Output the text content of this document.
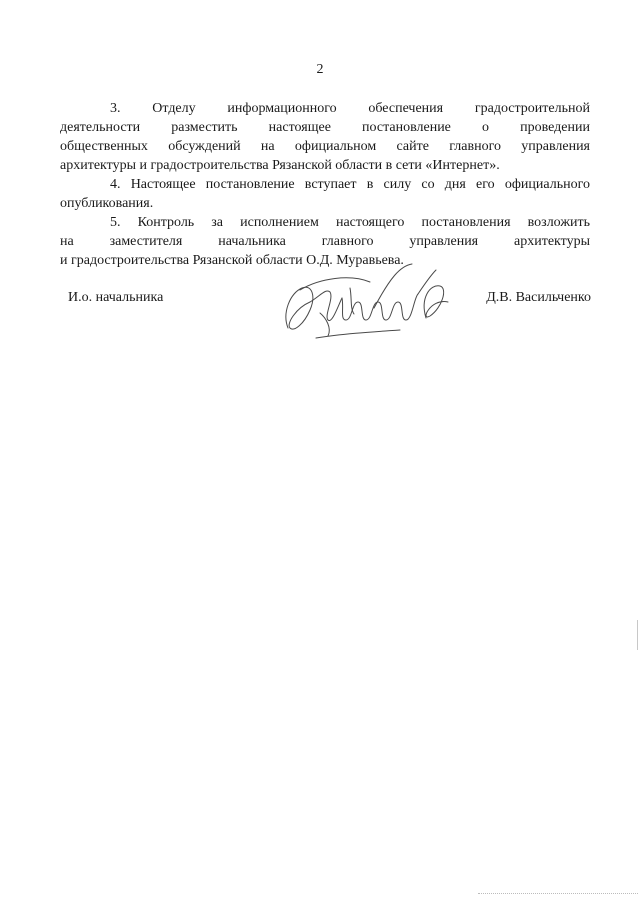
2
3. Отделу информационного обеспечения градостроительной
деятельности разместить настоящее постановление о проведении
общественных обсуждений на официальном сайте главного управления
архитектуры и градостроительства Рязанской области в сети «Интернет».
4. Настоящее постановление вступает в силу со дня его официального
опубликования.
5. Контроль за исполнением настоящего постановления возложить
на заместителя начальника главного управления архитектуры
и градостроительства Рязанской области О.Д. Муравьева.
И.о. начальника	Д.В. Васильченко
